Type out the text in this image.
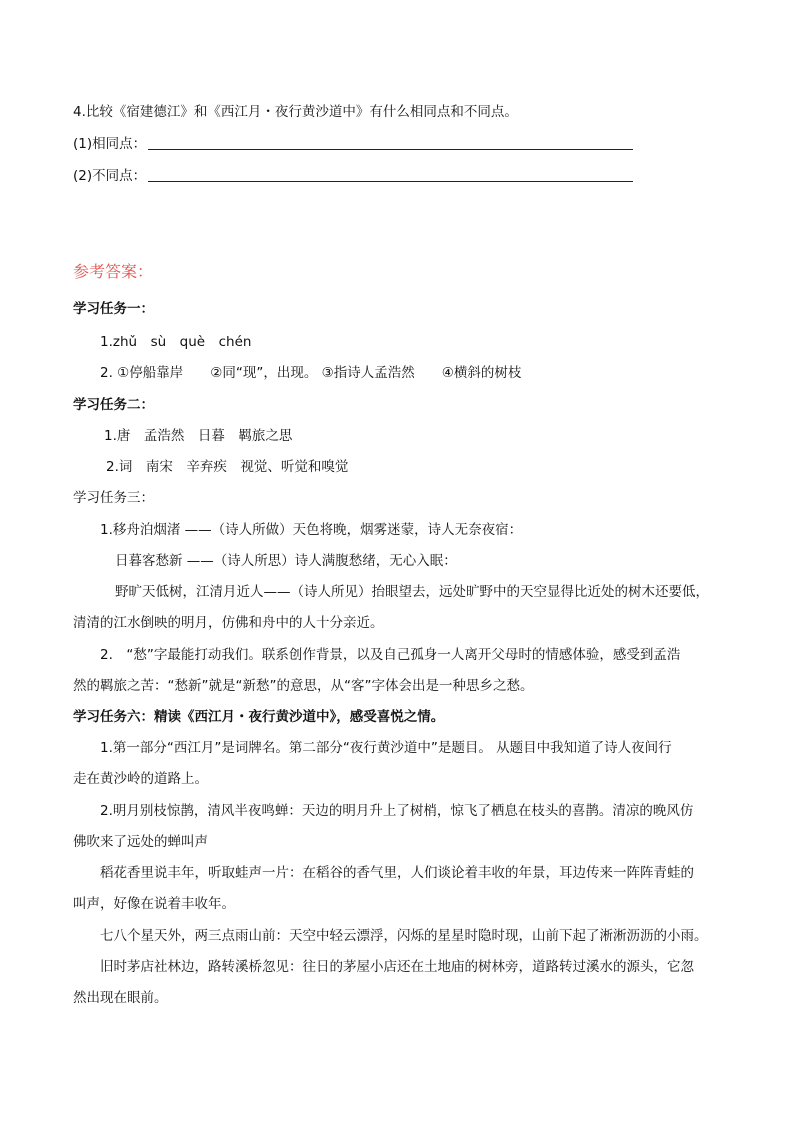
4.比较《宿建德江》和《西江月・夜行黄沙道中》有什么相同点和不同点。
(1)相同点：
(2)不同点：
参考答案：
学习任务一：
1.zhǔ　sù　què　chén
2. ①停船靠岸　　②同“现”，出现。 ③指诗人孟浩然　　④横斜的树枝
学习任务二：
1.唐　孟浩然　日暮　羁旅之思
2.词　南宋　辛弃疾　视觉、听觉和嗅觉
学习任务三：
1.移舟泊烟渚 ——（诗人所做）天色将晚，烟雾迷蒙，诗人无奈夜宿：
日暮客愁新 ——（诗人所思）诗人满腹愁绪，无心入眠：
野旷天低树，江清月近人——（诗人所见）抬眼望去，远处旷野中的天空显得比近处的树木还要低，
清清的江水倒映的明月，仿佛和舟中的人十分亲近。
2.　“愁”字最能打动我们。联系创作背景，以及自己孤身一人离开父母时的情感体验，感受到孟浩
然的羁旅之苦：“愁新”就是“新愁”的意思，从“客”字体会出是一种思乡之愁。
学习任务六：精读《西江月・夜行黄沙道中》，感受喜悦之情。
1.第一部分“西江月”是词牌名。第二部分“夜行黄沙道中”是题目。 从题目中我知道了诗人夜间行
走在黄沙岭的道路上。
2.明月别枝惊鹊，清风半夜鸣蝉：天边的明月升上了树梢，惊飞了栖息在枝头的喜鹊。清凉的晚风仿
佛吹来了远处的蝉叫声
稻花香里说丰年，听取蛙声一片：在稻谷的香气里，人们谈论着丰收的年景，耳边传来一阵阵青蛙的
叫声，好像在说着丰收年。
七八个星天外，两三点雨山前：天空中轻云漂浮，闪烁的星星时隐时现，山前下起了淅淅沥沥的小雨。
旧时茅店社林边，路转溪桥忽见：往日的茅屋小店还在土地庙的树林旁，道路转过溪水的源头，它忽
然出现在眼前。
